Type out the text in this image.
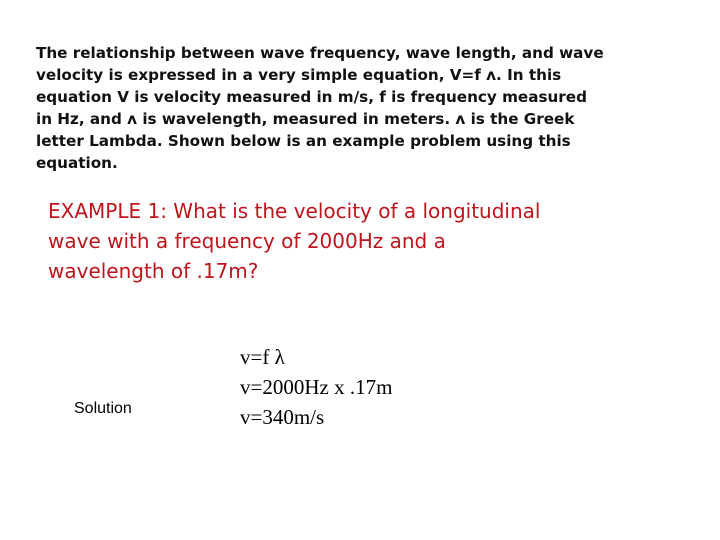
The relationship between wave frequency, wave length, and wave
velocity is expressed in a very simple equation, V=f ʌ. In this
equation V is velocity measured in m/s, f is frequency measured
in Hz, and ʌ is wavelength, measured in meters. ʌ is the Greek
letter Lambda. Shown below is an example problem using this
equation.
EXAMPLE 1: What is the velocity of a longitudinal
wave with a frequency of 2000Hz and a
wavelength of .17m?
Solution
v=f λ
v=2000Hz x .17m
v=340m/s
